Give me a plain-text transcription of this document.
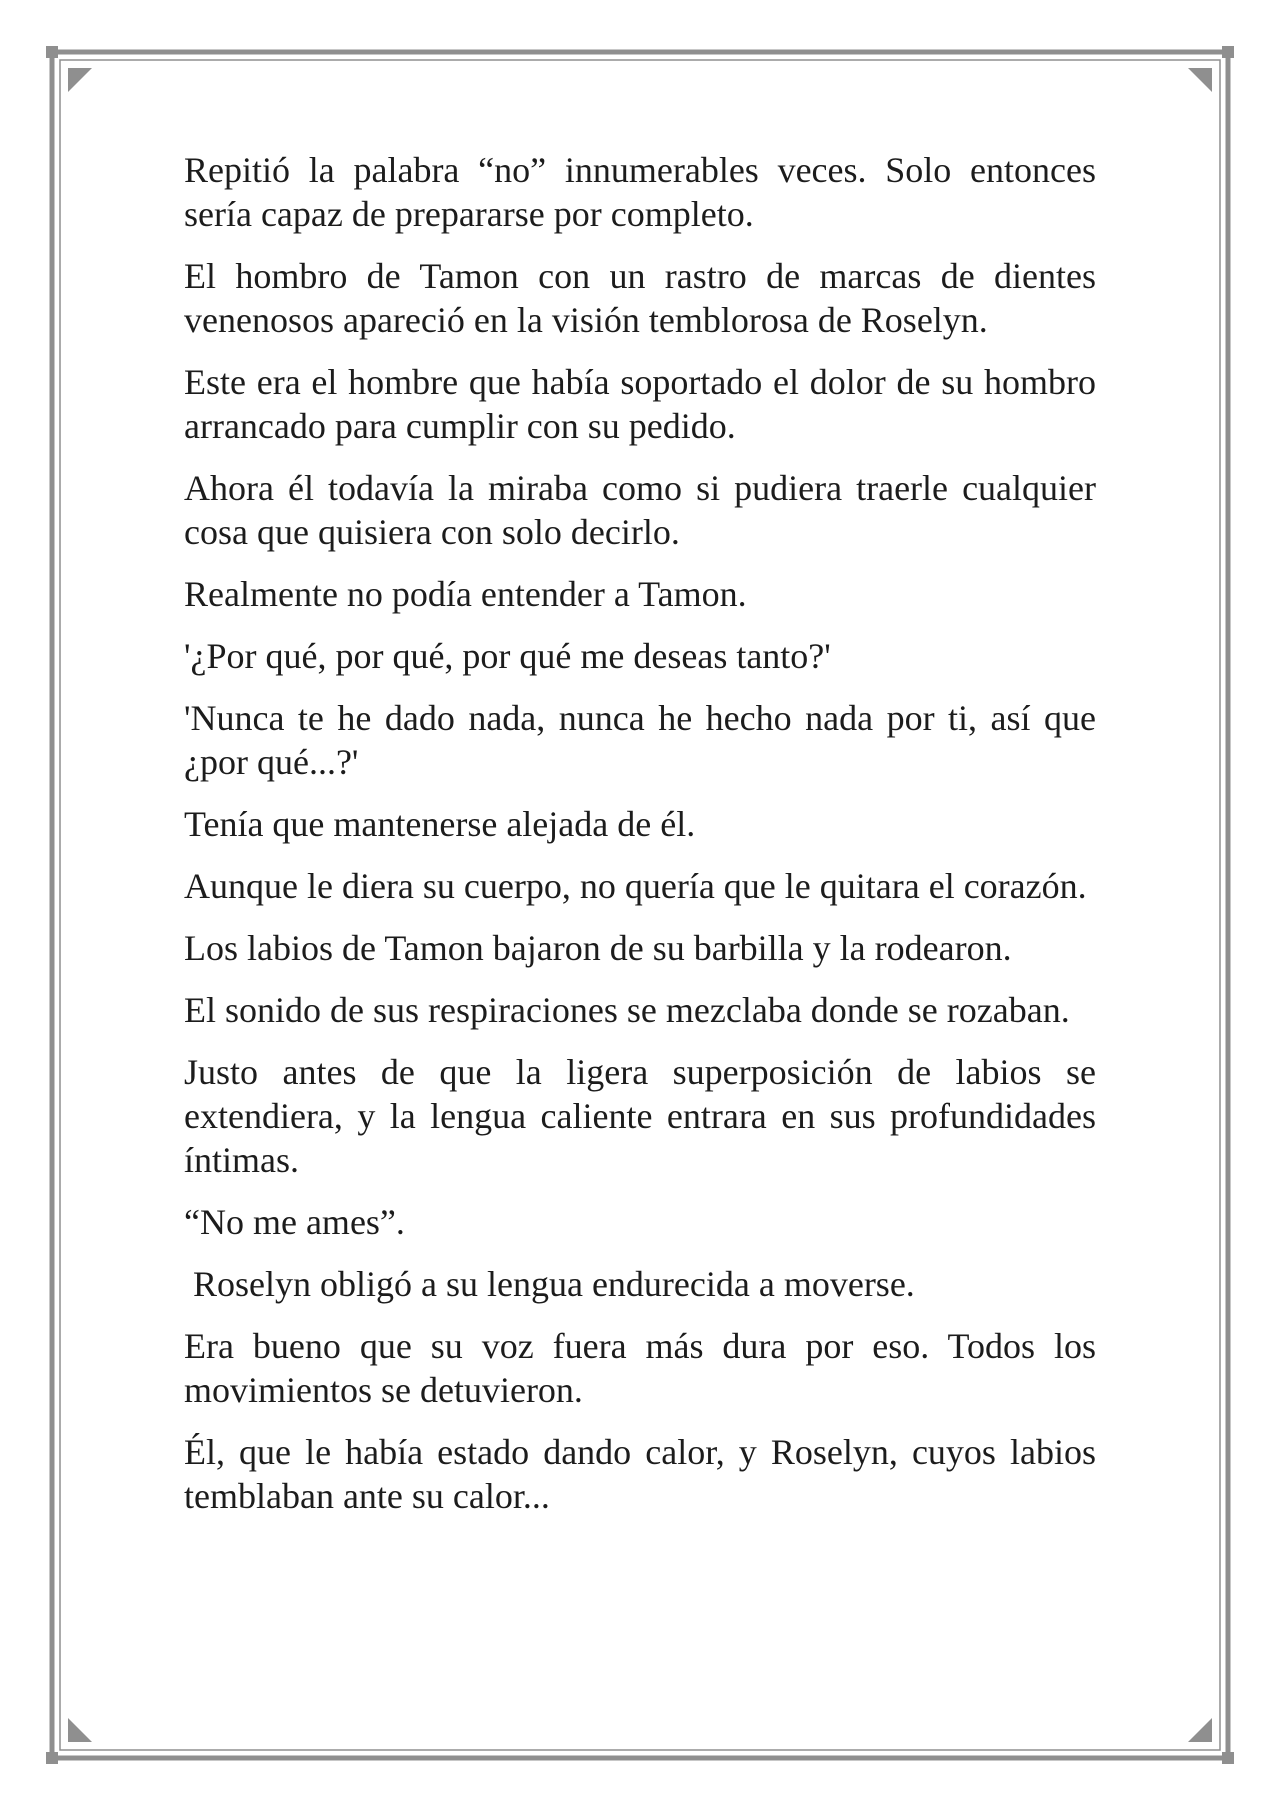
Repitió la palabra “no” innumerables veces. Solo entonces sería capaz de prepararse por completo.

El hombro de Tamon con un rastro de marcas de dientes venenosos apareció en la visión temblorosa de Roselyn.

Este era el hombre que había soportado el dolor de su hombro arrancado para cumplir con su pedido.

Ahora él todavía la miraba como si pudiera traerle cualquier cosa que quisiera con solo decirlo.

Realmente no podía entender a Tamon.

'¿Por qué, por qué, por qué me deseas tanto?'

'Nunca te he dado nada, nunca he hecho nada por ti, así que ¿por qué...?'

Tenía que mantenerse alejada de él.

Aunque le diera su cuerpo, no quería que le quitara el corazón.

Los labios de Tamon bajaron de su barbilla y la rodearon.

El sonido de sus respiraciones se mezclaba donde se rozaban.

Justo antes de que la ligera superposición de labios se extendiera, y la lengua caliente entrara en sus profundidades íntimas.

“No me ames”.

Roselyn obligó a su lengua endurecida a moverse.

Era bueno que su voz fuera más dura por eso. Todos los movimientos se detuvieron.

Él, que le había estado dando calor, y Roselyn, cuyos labios temblaban ante su calor...
